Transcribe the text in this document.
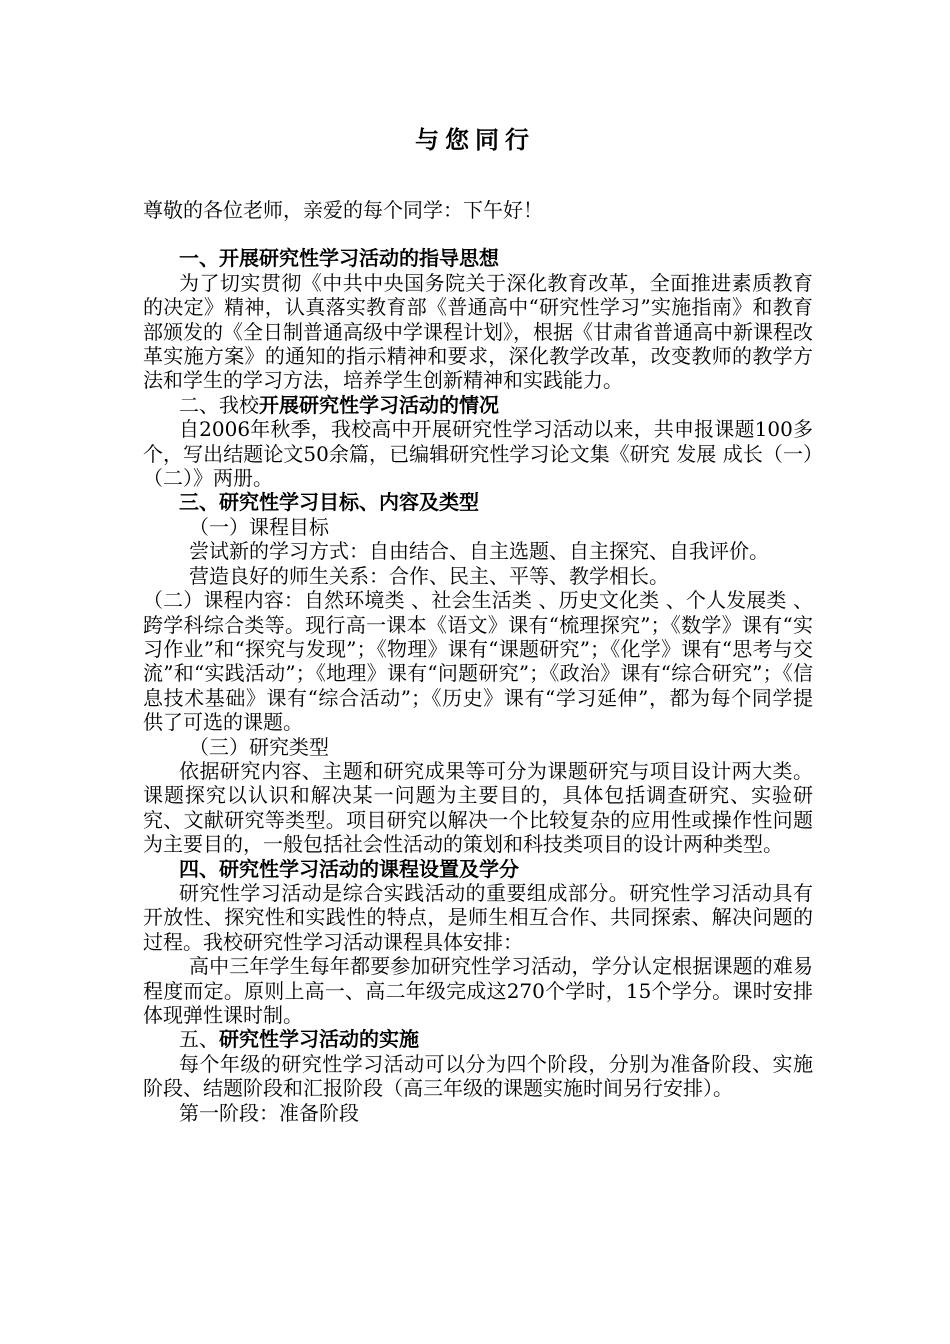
与您同行

尊敬的各位老师，亲爱的每个同学：下午好！

一、开展研究性学习活动的指导思想

为了切实贯彻《中共中央国务院关于深化教育改革，全面推进素质教育的决定》精神，认真落实教育部《普通高中“研究性学习”实施指南》和教育部颁发的《全日制普通高级中学课程计划》，根据《甘肃省普通高中新课程改革实施方案》的通知的指示精神和要求，深化教学改革，改变教师的教学方法和学生的学习方法，培养学生创新精神和实践能力。

二、我校开展研究性学习活动的情况

自2006年秋季，我校高中开展研究性学习活动以来，共申报课题100多个，写出结题论文50余篇，已编辑研究性学习论文集《研究 发展 成长（一）（二）》两册。

三、研究性学习目标、内容及类型

（一）课程目标

尝试新的学习方式：自由结合、自主选题、自主探究、自我评价。

营造良好的师生关系：合作、民主、平等、教学相长。

（二）课程内容：自然环境类 、社会生活类 、历史文化类 、个人发展类 、跨学科综合类等。现行高一课本《语文》课有“梳理探究”；《数学》课有“实习作业”和“探究与发现”；《物理》课有“课题研究”；《化学》课有“思考与交流”和“实践活动”；《地理》课有“问题研究”；《政治》课有“综合研究”；《信息技术基础》课有“综合活动”；《历史》课有“学习延伸”，都为每个同学提供了可选的课题。

（三）研究类型

依据研究内容、主题和研究成果等可分为课题研究与项目设计两大类。课题探究以认识和解决某一问题为主要目的，具体包括调查研究、实验研究、文献研究等类型。项目研究以解决一个比较复杂的应用性或操作性问题为主要目的，一般包括社会性活动的策划和科技类项目的设计两种类型。

四、研究性学习活动的课程设置及学分

研究性学习活动是综合实践活动的重要组成部分。研究性学习活动具有开放性、探究性和实践性的特点，是师生相互合作、共同探索、解决问题的过程。我校研究性学习活动课程具体安排：

高中三年学生每年都要参加研究性学习活动，学分认定根据课题的难易程度而定。原则上高一、高二年级完成这270个学时，15个学分。课时安排体现弹性课时制。

五、研究性学习活动的实施

每个年级的研究性学习活动可以分为四个阶段，分别为准备阶段、实施阶段、结题阶段和汇报阶段（高三年级的课题实施时间另行安排）。

第一阶段：准备阶段
